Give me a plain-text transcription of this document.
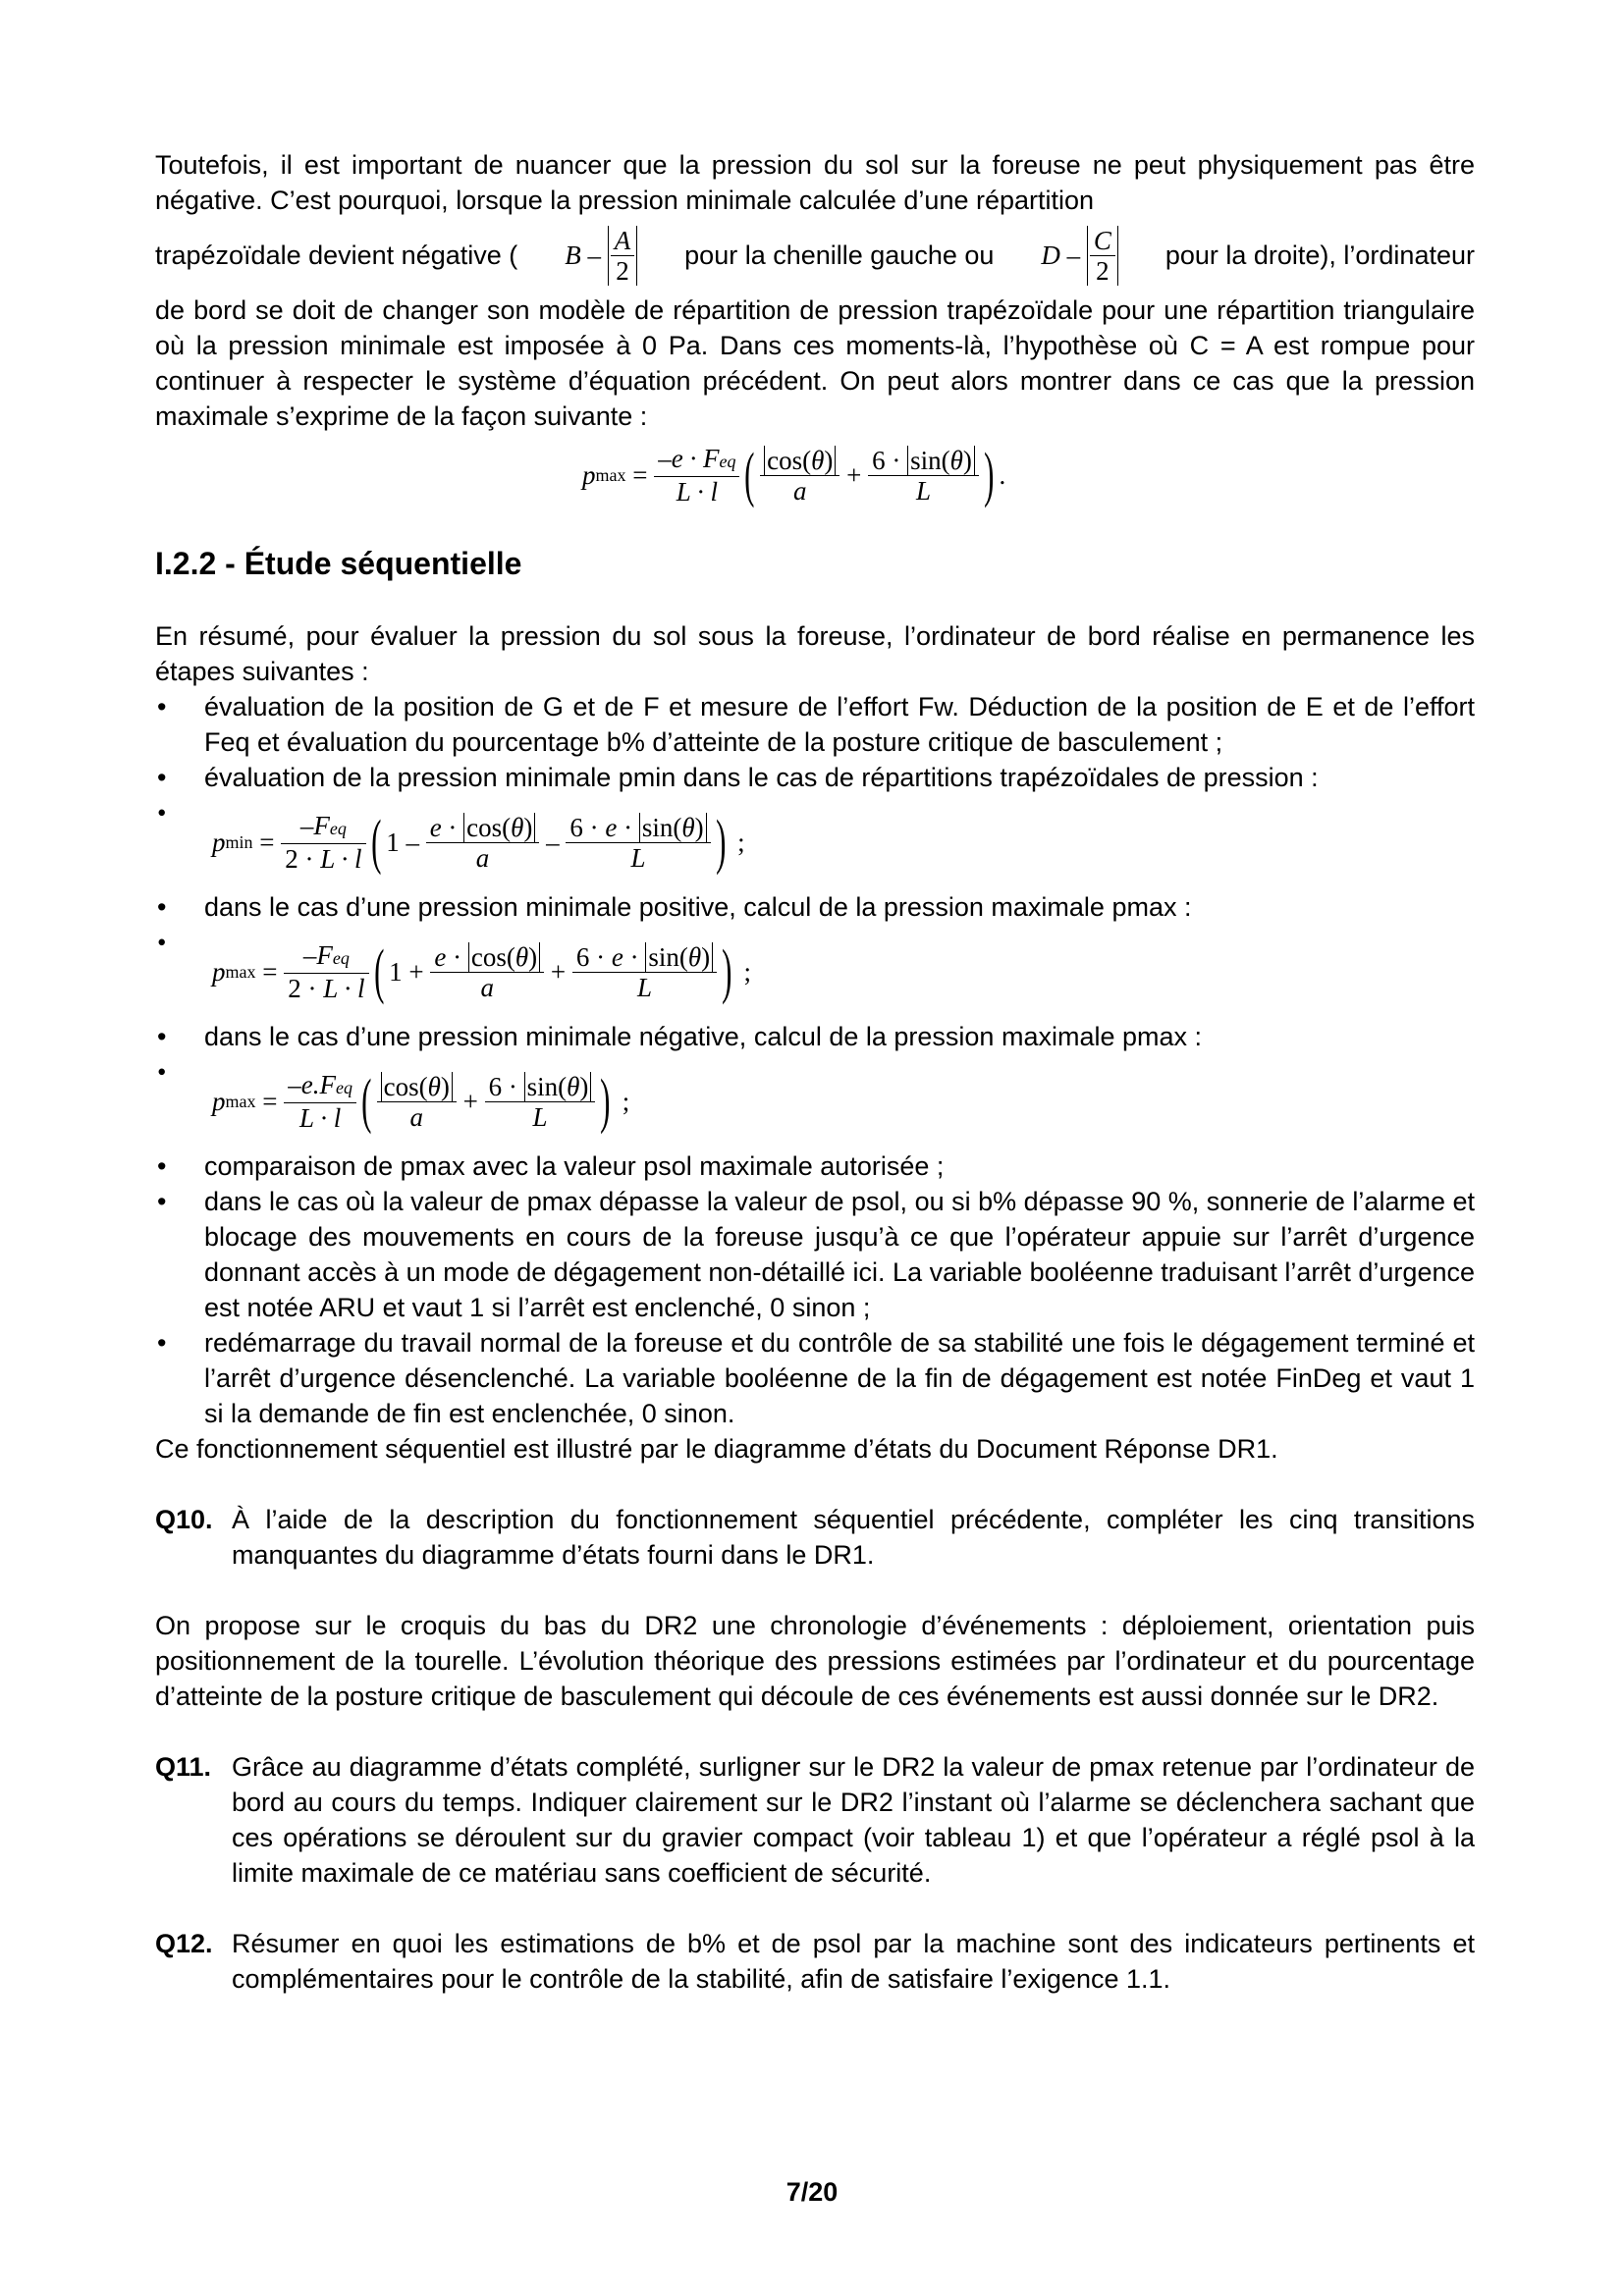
Toutefois, il est important de nuancer que la pression du sol sur la foreuse ne peut physiquement pas être négative. C’est pourquoi, lorsque la pression minimale calculée d’une répartition

trapézoïdale devient négative ( B – $\frac{A}{2}$ pour la chenille gauche ou D – $\frac{C}{2}$ pour la droite), l’ordinateur

de bord se doit de changer son modèle de répartition de pression trapézoïdale pour une répartition triangulaire où la pression minimale est imposée à 0 Pa. Dans ces moments-là, l’hypothèse où C = A est rompue pour continuer à respecter le système d’équation précédent. On peut alors montrer dans ce cas que la pression maximale s’exprime de la façon suivante :

p $\max = \frac{\text{–e · Feq}}{L \cdot l}$ ( $\frac{\cos(\theta)}{a} + \frac{6 \cdot \sin(\theta)}{L}$ ) .
I.2.2 - Étude séquentielle

En résumé, pour évaluer la pression du sol sous la foreuse, l’ordinateur de bord réalise en permanence les étapes suivantes :

• évaluation de la position de G et de F et mesure de l’effort Fw. Déduction de la position de E et de l’effort Feq et évaluation du pourcentage b% d’atteinte de la posture critique de basculement ;
• évaluation de la pression minimale pmin dans le cas de répartitions trapézoïdales de pression :
• p $\min = \frac{\text{–Feq}}{2 \cdot L \cdot l}$ ( $1 - \frac{e \cdot \cos(\theta)}{a} - \frac{6 \cdot e \cdot \sin(\theta)}{L}$ ) ;
• dans le cas d’une pression minimale positive, calcul de la pression maximale pmax :
• p $\max = \frac{\text{–Feq}}{2 \cdot L \cdot l}$ ( $1 + \frac{e \cdot \cos(\theta)}{a} + \frac{6 \cdot e \cdot \sin(\theta)}{L}$ ) ;
• dans le cas d’une pression minimale négative, calcul de la pression maximale pmax :
• p $\max = \frac{\text{–e.Feq}}{L \cdot l}$ ( $\frac{\cos(\theta)}{a} + \frac{6 \cdot \sin(\theta)}{L}$ ) ;
• comparaison de pmax avec la valeur psol maximale autorisée ;
• dans le cas où la valeur de pmax dépasse la valeur de psol, ou si b% dépasse 90 %, sonnerie de l’alarme et blocage des mouvements en cours de la foreuse jusqu’à ce que l’opérateur appuie sur l’arrêt d’urgence donnant accès à un mode de dégagement non-détaillé ici. La variable booléenne traduisant l’arrêt d’urgence est notée ARU et vaut 1 si l’arrêt est enclenché, 0 sinon ;
• redémarrage du travail normal de la foreuse et du contrôle de sa stabilité une fois le dégagement terminé et l’arrêt d’urgence désenclenché. La variable booléenne de la fin de dégagement est notée FinDeg et vaut 1 si la demande de fin est enclenchée, 0 sinon.

Ce fonctionnement séquentiel est illustré par le diagramme d’états du Document Réponse DR1.

Q10. À l’aide de la description du fonctionnement séquentiel précédente, compléter les cinq transitions manquantes du diagramme d’états fourni dans le DR1.

On propose sur le croquis du bas du DR2 une chronologie d’événements : déploiement, orientation puis positionnement de la tourelle. L’évolution théorique des pressions estimées par l’ordinateur et du pourcentage d’atteinte de la posture critique de basculement qui découle de ces événements est aussi donnée sur le DR2.

Q11. Grâce au diagramme d’états complété, surligner sur le DR2 la valeur de pmax retenue par l’ordinateur de bord au cours du temps. Indiquer clairement sur le DR2 l’instant où l’alarme se déclenchera sachant que ces opérations se déroulent sur du gravier compact (voir tableau 1) et que l’opérateur a réglé psol à la limite maximale de ce matériau sans coefficient de sécurité.
Q12. Résumer en quoi les estimations de b% et de psol par la machine sont des indicateurs pertinents et complémentaires pour le contrôle de la stabilité, afin de satisfaire l’exigence 1.1.
7/20
